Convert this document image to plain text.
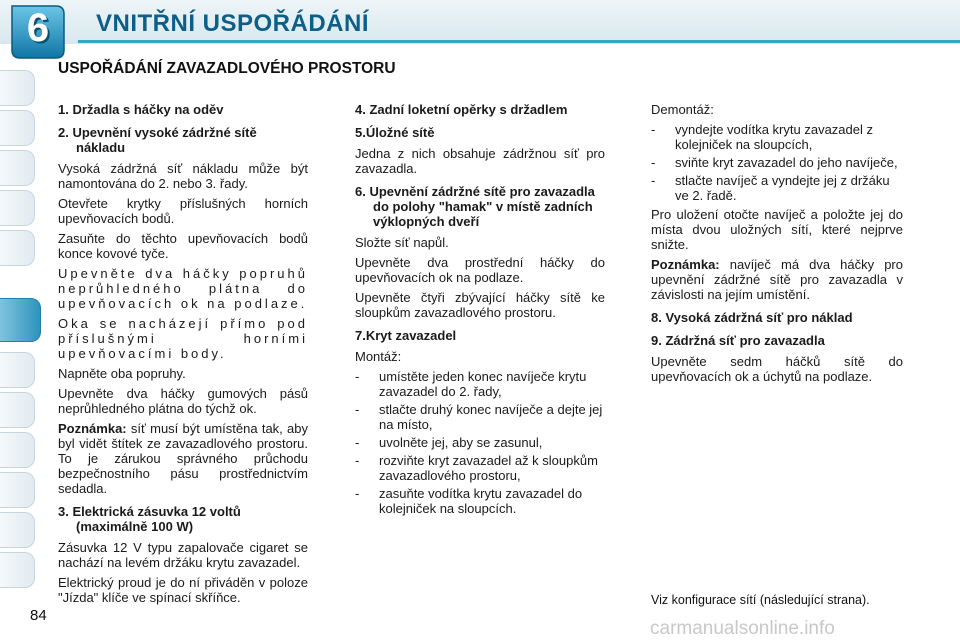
6	VNITŘNÍ USPOŘÁDÁNÍ
USPOŘÁDÁNÍ ZAVAZADLOVÉHO PROSTORU

1. Držadla s háčky na oděv

2. Upevnění vysoké zádržné sítě nákladu

Vysoká zádržná síť nákladu může být namontována do 2. nebo 3. řady.

Otevřete krytky příslušných horních upevňovacích bodů.

Zasuňte do těchto upevňovacích bodů konce kovové tyče.

Upevněte dva háčky popruhů neprůhledného plátna do upevňovacích ok na podlaze.

Oka se nacházejí přímo pod příslušnými horními upevňovacími body.

Napněte oba popruhy.

Upevněte dva háčky gumových pásů neprůhledného plátna do týchž ok.

Poznámka: síť musí být umístěna tak, aby byl vidět štítek ze zavazadlového prostoru. To je zárukou správného průchodu bezpečnostního pásu prostřednictvím sedadla.

3. Elektrická zásuvka 12 voltů (maximálně 100 W)

Zásuvka 12 V typu zapalovače cigaret se nachází na levém držáku krytu zavazadel.

Elektrický proud je do ní přiváděn v poloze "Jízda" klíče ve spínací skříňce.

4. Zadní loketní opěrky s držadlem

5.Úložné sítě

Jedna z nich obsahuje zádržnou síť pro zavazadla.

6. Upevnění zádržné sítě pro zavazadla do polohy "hamak" v místě zadních výklopných dveří

Složte síť napůl.

Upevněte dva prostřední háčky do upevňovacích ok na podlaze.

Upevněte čtyři zbývající háčky sítě ke sloupkům zavazadlového prostoru.

7.Kryt zavazadel

Montáž:

- umístěte jeden konec navíječe krytu zavazadel do 2. řady,
- stlačte druhý konec navíječe a dejte jej na místo,
- uvolněte jej, aby se zasunul,
- rozviňte kryt zavazadel až k sloupkům zavazadlového prostoru,
- zasuňte vodítka krytu zavazadel do kolejniček na sloupcích.

Demontáž:

- vyndejte vodítka krytu zavazadel z kolejniček na sloupcích,
- sviňte kryt zavazadel do jeho navíječe,
- stlačte navíječ a vyndejte jej z držáku ve 2. řadě.

Pro uložení otočte navíječ a položte jej do místa dvou uložných sítí, které nejprve snižte.

Poznámka: navíječ má dva háčky pro upevnění zádržné sítě pro zavazadla v závislosti na jejím umístění.

8. Vysoká zádržná síť pro náklad

9. Zádržná síť pro zavazadla

Upevněte sedm háčků sítě do upevňovacích ok a úchytů na podlaze.

Viz konfigurace sítí (následující strana).
84
carmanualsonline.info
